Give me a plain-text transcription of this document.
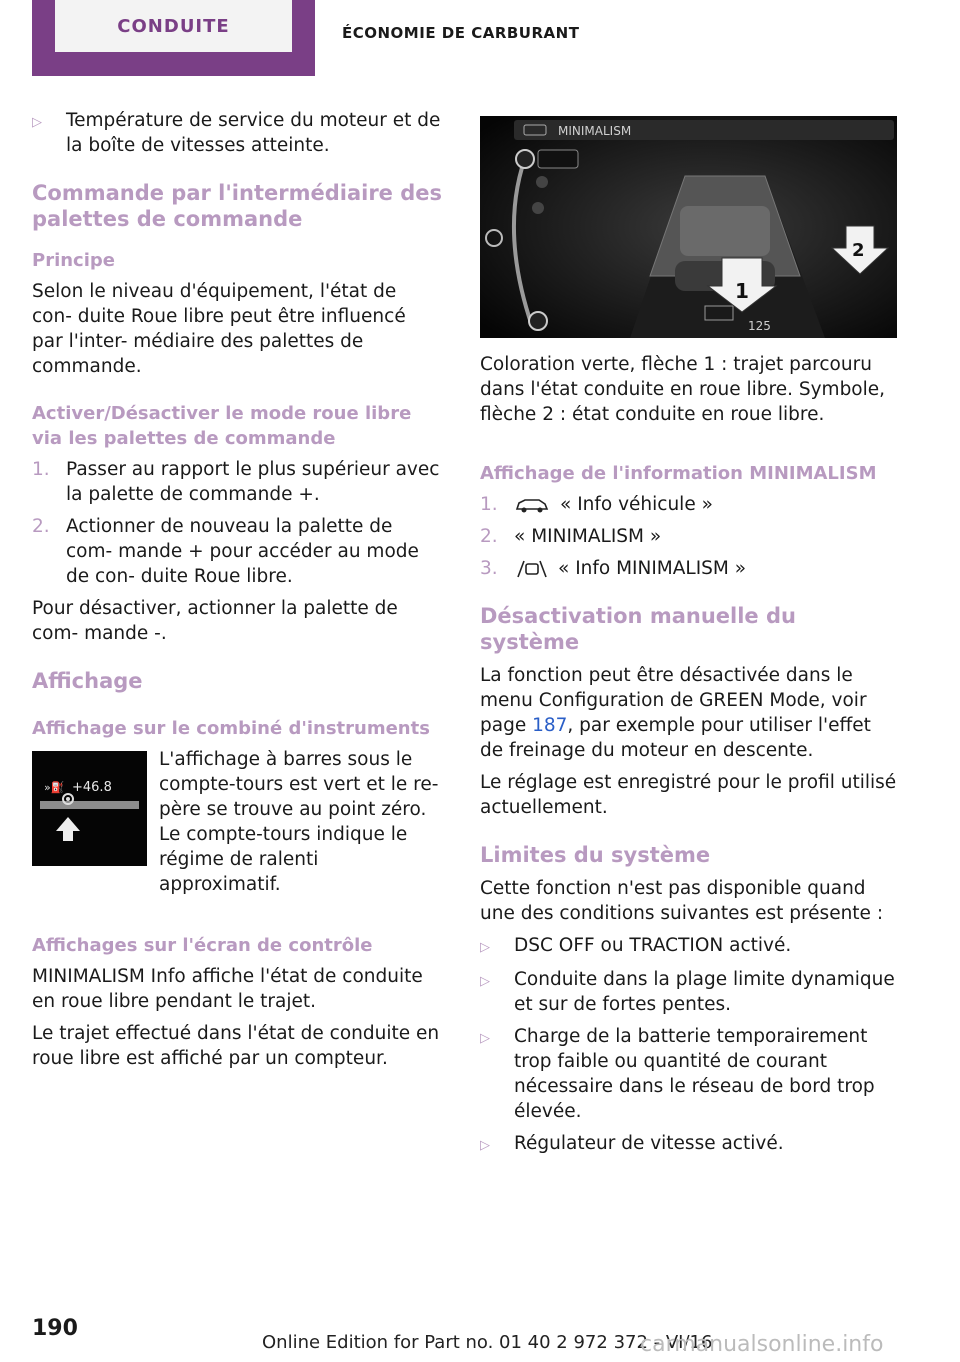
CONDUITE	ÉCONOMIE DE CARBURANT
▷	Température de service du moteur et de la boîte de vitesses atteinte.
Commande par l'intermédiaire des palettes de commande
Principe

Selon le niveau d'équipement, l'état de con- duite Roue libre peut être influencé par l'inter- médiaire des palettes de commande.

Activer/Désactiver le mode roue libre via les palettes de commande
1. Passer au rapport le plus supérieur avec la palette de commande +.
2. Actionner de nouveau la palette de com- mande + pour accéder au mode de con- duite Roue libre.

Pour désactiver, actionner la palette de com- mande -.

Affichage
Affichage sur le combiné d'instruments
»⛽ +46.8

L'affichage à barres sous le compte-tours est vert et le re- père se trouve au point zéro. Le compte-tours indique le régime de ralenti approximatif.

Affichages sur l'écran de contrôle

MINIMALISM Info affiche l'état de conduite en roue libre pendant le trajet.

Le trajet effectué dans l'état de conduite en roue libre est affiché par un compteur.

MINIMALISM
1
2
125

Coloration verte, flèche 1 : trajet parcouru dans l'état conduite en roue libre. Symbole, flèche 2 : état conduite en roue libre.

Affichage de l'information MINIMALISM
1.	« Info véhicule »
2. « MINIMALISM »
3.	« Info MINIMALISM »
Désactivation manuelle du système

La fonction peut être désactivée dans le menu Configuration de GREEN Mode, voir page 187, par exemple pour utiliser l'effet de freinage du moteur en descente.

Le réglage est enregistré pour le profil utilisé actuellement.

Limites du système

Cette fonction n'est pas disponible quand une des conditions suivantes est présente :

▷	DSC OFF ou TRACTION activé.
▷	Conduite dans la plage limite dynamique et sur de fortes pentes.
▷	Charge de la batterie temporairement trop faible ou quantité de courant nécessaire dans le réseau de bord trop élevée.
▷	Régulateur de vitesse activé.
190
Online Edition for Part no. 01 40 2 972 372 - VI/16
carmanualsonline.info
